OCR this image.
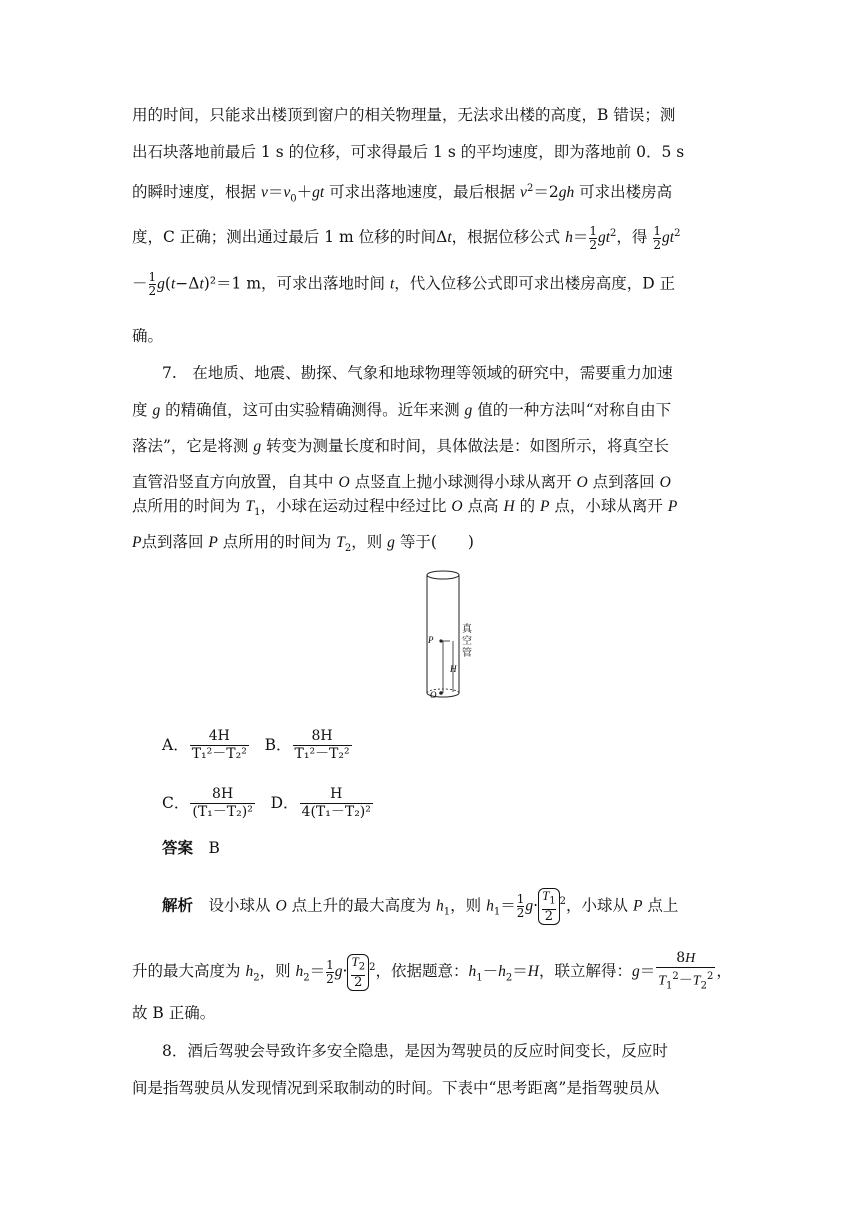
用的时间，只能求出楼顶到窗户的相关物理量，无法求出楼的高度，B 错误；测
出石块落地前最后 1 s 的位移，可求得最后 1 s 的平均速度，即为落地前 0．5 s
的瞬时速度，根据 $v=v_0+gt$ 可求出落地速度，最后根据 $v^2=2gh$ 可求出楼房高
度，C 正确；测出通过最后 1 m 位移的时间Δt，根据位移公式 $h= \frac{1}{2} gt^2$，得 $\frac{1}{2} gt^2$
－ $\frac{1}{2} g(t-\Delta t)^2=1$ m，可求出落地时间 t，代入位移公式即可求出楼房高度，D 正
确。
7.　在地质、地震、勘探、气象和地球物理等领域的研究中，需要重力加速
度 g 的精确值，这可由实验精确测得。近年来测 g 值的一种方法叫“对称自由下
落法”，它是将测 g 转变为测量长度和时间，具体做法是：如图所示，将真空长
直管沿竖直方向放置，自其中 O 点竖直上抛小球测得小球从离开 O 点到落回 O
点所用的时间为 $T_1$，小球在运动过程中经过比 O 点高 H 的 P 点，小球从离开 P
P点到落回 P 点所用的时间为 $T_2$，则 g 等于(　　)
P
H
O
真空管
A． $\frac{4H}{\text{T₁²－T₂²}}$ B． $\frac{8H}{\text{T₁²－T₂²}}$
C． $\frac{8H}{\text{(T₁－T₂)²}}$ D． $\frac{H}{\text{4(T₁－T₂)²}}$
答案　 B
解析　 设小球从 O 点上升的最大高度为 $h_1$，则 $h_1= \frac{1}{2} g\cdot \frac{T_1}{2} ^2$，小球从 P 点上
升的最大高度为 $h_2$，则 $h_2= \frac{1}{2} g\cdot \frac{T_2}{2} ^2$，依据题意：$h_1-h_2=H$，联立解得：$g= \frac{8H}{T_1^2-T_2^2}$ ，
故 B 正确。
8．酒后驾驶会导致许多安全隐患，是因为驾驶员的反应时间变长，反应时
间是指驾驶员从发现情况到采取制动的时间。下表中“思考距离”是指驾驶员从
